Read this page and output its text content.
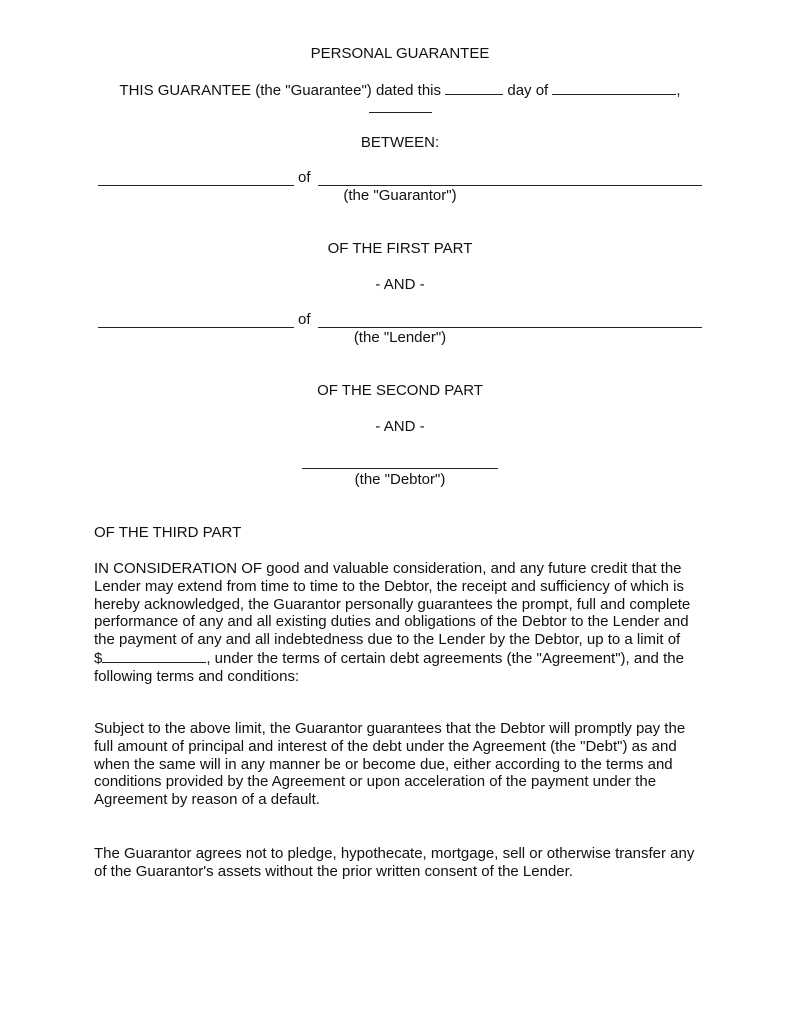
PERSONAL GUARANTEE
THIS GUARANTEE (the "Guarantee") dated this	day of	,
BETWEEN:
of
(the "Guarantor")
OF THE FIRST PART
- AND -
of
(the "Lender")
OF THE SECOND PART
- AND -
(the "Debtor")
OF THE THIRD PART
IN CONSIDERATION OF good and valuable consideration, and any future credit that the
Lender may extend from time to time to the Debtor, the receipt and sufficiency of which is
hereby acknowledged, the Guarantor personally guarantees the prompt, full and complete
performance of any and all existing duties and obligations of the Debtor to the Lender and
the payment of any and all indebtedness due to the Lender by the Debtor, up to a limit of
$	, under the terms of certain debt agreements (the "Agreement"), and the
following terms and conditions:
Subject to the above limit, the Guarantor guarantees that the Debtor will promptly pay the
full amount of principal and interest of the debt under the Agreement (the "Debt") as and
when the same will in any manner be or become due, either according to the terms and
conditions provided by the Agreement or upon acceleration of the payment under the
Agreement by reason of a default.
The Guarantor agrees not to pledge, hypothecate, mortgage, sell or otherwise transfer any
of the Guarantor's assets without the prior written consent of the Lender.
